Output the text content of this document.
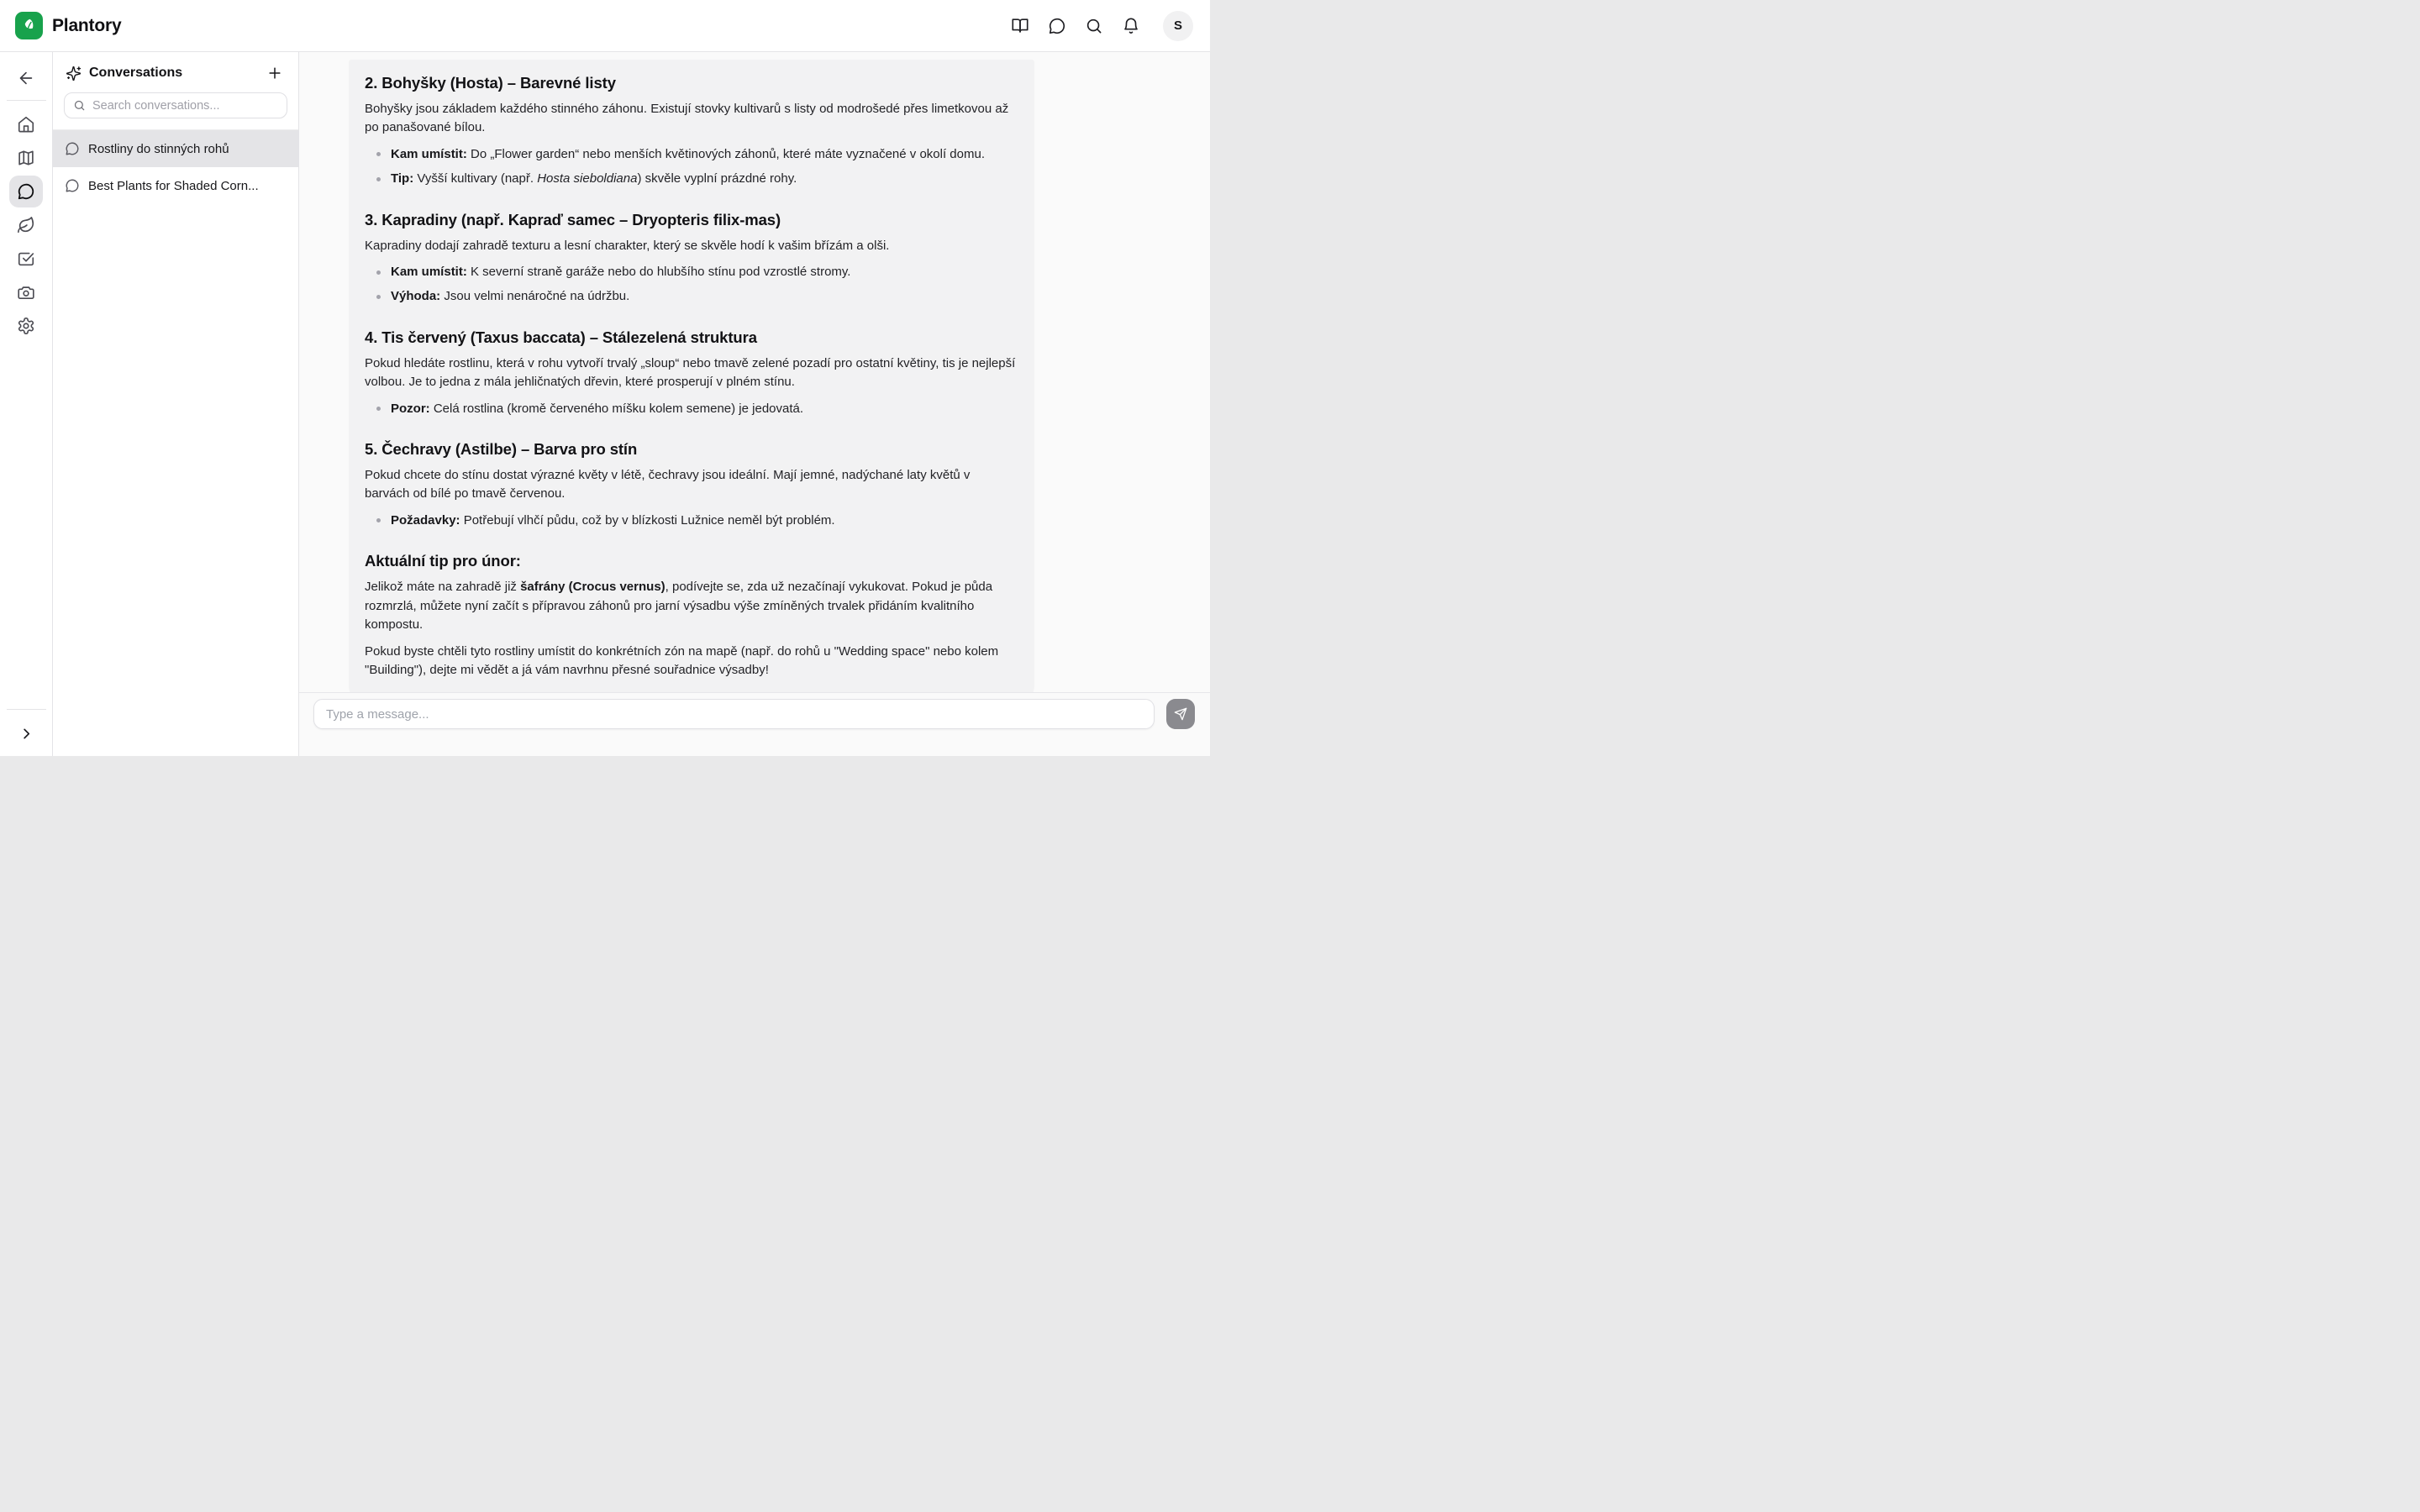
Plantory	S
Conversations
Search conversations...
Rostliny do stinných rohů
Best Plants for Shaded Corn...
2. Bohyšky (Hosta) – Barevné listy

Bohyšky jsou základem každého stinného záhonu. Existují stovky kultivarů s listy od modrošedé přes limetkovou až po panašované bílou.

Kam umístit: Do „Flower garden“ nebo menších květinových záhonů, které máte vyznačené v okolí domu.
Tip: Vyšší kultivary (např. Hosta sieboldiana) skvěle vyplní prázdné rohy.
3. Kapradiny (např. Kapraď samec – Dryopteris filix-mas)

Kapradiny dodají zahradě texturu a lesní charakter, který se skvěle hodí k vašim břízám a olši.

Kam umístit: K severní straně garáže nebo do hlubšího stínu pod vzrostlé stromy.
Výhoda: Jsou velmi nenáročné na údržbu.
4. Tis červený (Taxus baccata) – Stálezelená struktura

Pokud hledáte rostlinu, která v rohu vytvoří trvalý „sloup“ nebo tmavě zelené pozadí pro ostatní květiny, tis je nejlepší volbou. Je to jedna z mála jehličnatých dřevin, které prosperují v plném stínu.

Pozor: Celá rostlina (kromě červeného míšku kolem semene) je jedovatá.
5. Čechravy (Astilbe) – Barva pro stín

Pokud chcete do stínu dostat výrazné květy v létě, čechravy jsou ideální. Mají jemné, nadýchané laty květů v barvách od bílé po tmavě červenou.

Požadavky: Potřebují vlhčí půdu, což by v blízkosti Lužnice neměl být problém.
Aktuální tip pro únor:

Jelikož máte na zahradě již šafrány (Crocus vernus), podívejte se, zda už nezačínají vykukovat. Pokud je půda rozmrzlá, můžete nyní začít s přípravou záhonů pro jarní výsadbu výše zmíněných trvalek přidáním kvalitního kompostu.

Pokud byste chtěli tyto rostliny umístit do konkrétních zón na mapě (např. do rohů u "Wedding space" nebo kolem "Building"), dejte mi vědět a já vám navrhnu přesné souřadnice výsadby!

Type a message...
